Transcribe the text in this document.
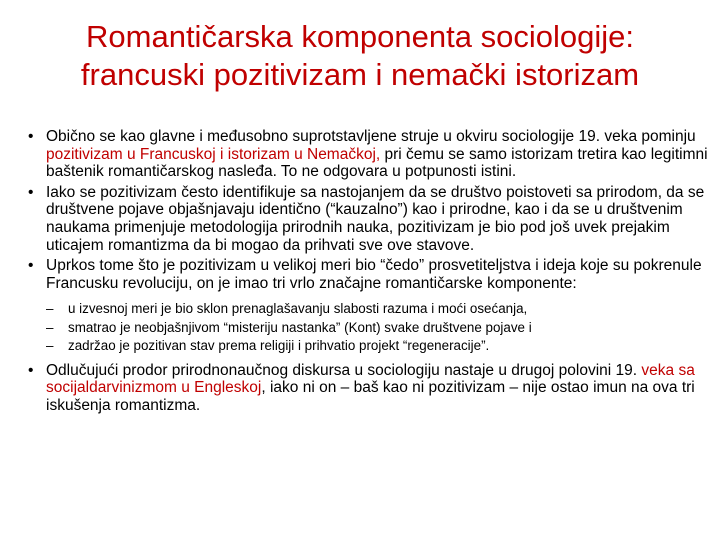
Romantičarska komponenta sociologije:
francuski pozitivizam i nemački istorizam
• Obično se kao glavne i međusobno suprotstavljene struje u okviru sociologije 19. veka pominju pozitivizam u Francuskoj i istorizam u Nemačkoj, pri čemu se samo istorizam tretira kao legitimni baštenik romantičarskog nasleđa. To ne odgovara u potpunosti istini.
• Iako se pozitivizam često identifikuje sa nastojanjem da se društvo poistoveti sa prirodom, da se društvene pojave objašnjavaju identično (“kauzalno”) kao i prirodne, kao i da se u društvenim naukama primenjuje metodologija prirodnih nauka, pozitivizam je bio pod još uvek prejakim uticajem romantizma da bi mogao da prihvati sve ove stavove.
• Uprkos tome što je pozitivizam u velikoj meri bio “čedo” prosvetiteljstva i ideja koje su pokrenule Francusku revoluciju, on je imao tri vrlo značajne romantičarske komponente:
– u izvesnoj meri je bio sklon prenaglašavanju slabosti razuma i moći osećanja,
– smatrao je neobjašnjivom “misteriju nastanka” (Kont) svake društvene pojave i
– zadržao je pozitivan stav prema religiji i prihvatio projekt “regeneracije”.
• Odlučujući prodor prirodnonaučnog diskursa u sociologiju nastaje u drugoj polovini 19. veka sa socijaldarvinizmom u Engleskoj, iako ni on – baš kao ni pozitivizam – nije ostao imun na ova tri iskušenja romantizma.
